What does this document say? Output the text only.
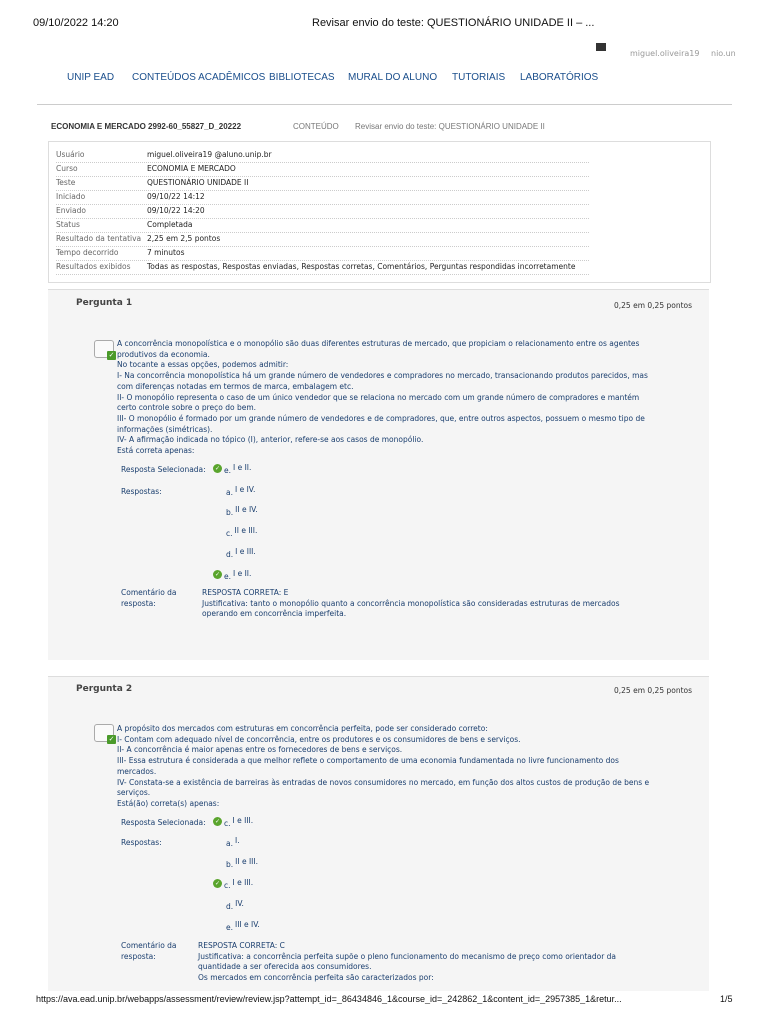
09/10/2022 14:20	Revisar envio do teste: QUESTIONÁRIO UNIDADE II – ...
miguel.oliveira19 nio.un
UNIP EAD CONTEÚDOS ACADÊMICOS BIBLIOTECAS MURAL DO ALUNO TUTORIAIS LABORATÓRIOS
ECONOMIA E MERCADO 2992-60_55827_D_20222	CONTEÚDO Revisar envio do teste: QUESTIONÁRIO UNIDADE II
Usuário	miguel.oliveira19 @aluno.unip.br
Curso	ECONOMIA E MERCADO
Teste	QUESTIONÁRIO UNIDADE II
Iniciado	09/10/22 14:12
Enviado	09/10/22 14:20
Status	Completada
Resultado da tentativa 2,25 em 2,5 pontos
Tempo decorrido	7 minutos
Resultados exibidos Todas as respostas, Respostas enviadas, Respostas corretas, Comentários, Perguntas respondidas incorretamente
Pergunta 1	0,25 em 0,25 pontos
✓
A concorrência monopolística e o monopólio são duas diferentes estruturas de mercado, que propiciam o relacionamento entre os agentes
produtivos da economia.
No tocante a essas opções, podemos admitir:
I- Na concorrência monopolística há um grande número de vendedores e compradores no mercado, transacionando produtos parecidos, mas
com diferenças notadas em termos de marca, embalagem etc.
II- O monopólio representa o caso de um único vendedor que se relaciona no mercado com um grande número de compradores e mantém
certo controle sobre o preço do bem.
III- O monopólio é formado por um grande número de vendedores e de compradores, que, entre outros aspectos, possuem o mesmo tipo de
informações (simétricas).
IV- A afirmação indicada no tópico (I), anterior, refere-se aos casos de monopólio.
Está correta apenas:
Resposta Selecionada:	✓ e. I e II.
Respostas:	a. I e IV.
b. II e IV.
c. II e III.
d. I e III.
✓ e. I e II.
Comentário da
resposta:
RESPOSTA CORRETA: E
Justificativa: tanto o monopólio quanto a concorrência monopolística são consideradas estruturas de mercados
operando em concorrência imperfeita.
Pergunta 2	0,25 em 0,25 pontos
✓
A propósito dos mercados com estruturas em concorrência perfeita, pode ser considerado correto:
I- Contam com adequado nível de concorrência, entre os produtores e os consumidores de bens e serviços.
II- A concorrência é maior apenas entre os fornecedores de bens e serviços.
III- Essa estrutura é considerada a que melhor reflete o comportamento de uma economia fundamentada no livre funcionamento dos
mercados.
IV- Constata-se a existência de barreiras às entradas de novos consumidores no mercado, em função dos altos custos de produção de bens e
serviços.
Está(ão) correta(s) apenas:
Resposta Selecionada:	✓ c. I e III.
Respostas:	a. I.
b. II e III.
✓ c. I e III.
d. IV.
e. III e IV.
Comentário da
resposta:
RESPOSTA CORRETA: C
Justificativa: a concorrência perfeita supõe o pleno funcionamento do mecanismo de preço como orientador da
quantidade a ser oferecida aos consumidores.
Os mercados em concorrência perfeita são caracterizados por:
https://ava.ead.unip.br/webapps/assessment/review/review.jsp?attempt_id=_86434846_1&course_id=_242862_1&content_id=_2957385_1&retur...	1/5
